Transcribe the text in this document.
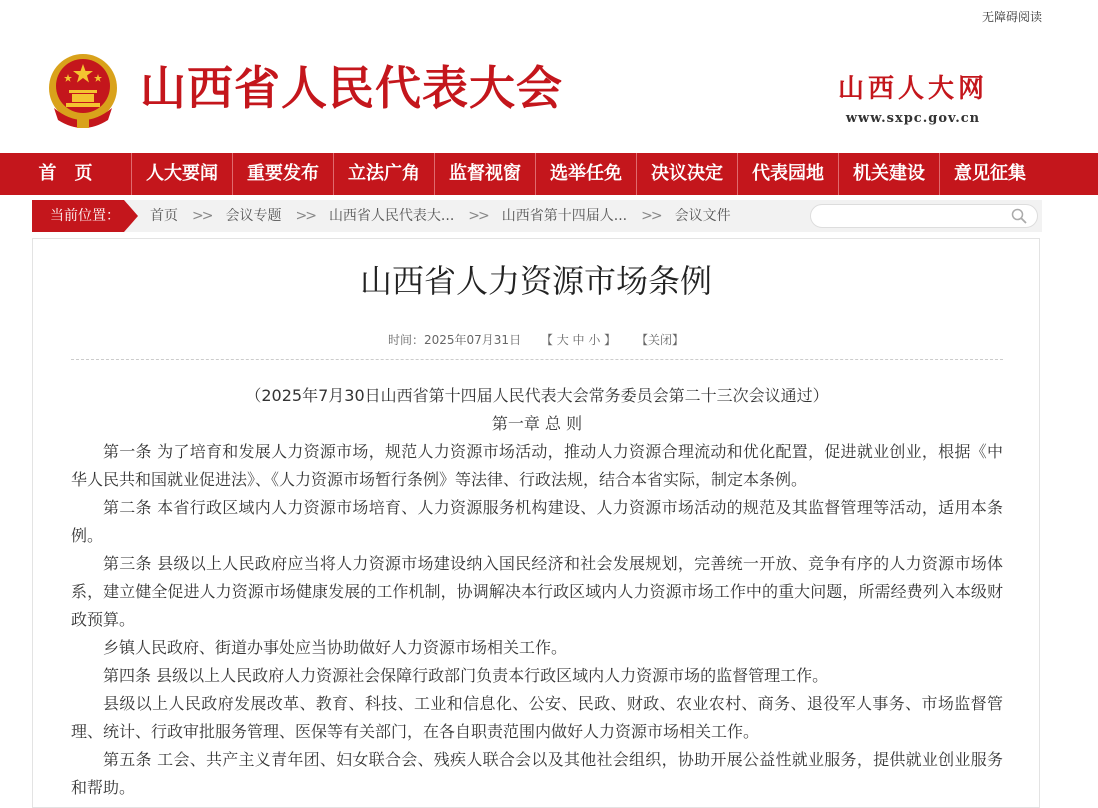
无障碍阅读
山西省人民代表大会	山西人大网
www.sxpc.gov.cn
首　页	人大要闻	重要发布	立法广角	监督视窗	选举任免	决议决定	代表园地	机关建设	意见征集
当前位置： 首页 >> 会议专题 >> 山西省人民代表大... >> 山西省第十四届人... >> 会议文件
山西省人力资源市场条例
时间：2025年07月31日 【 大 中 小 】 【关闭】

（2025年7月30日山西省第十四届人民代表大会常务委员会第二十三次会议通过）

第一章 总 则

第一条 为了培育和发展人力资源市场，规范人力资源市场活动，推动人力资源合理流动和优化配置，促进就业创业，根据《中华人民共和国就业促进法》、《人力资源市场暂行条例》等法律、行政法规，结合本省实际，制定本条例。

第二条 本省行政区域内人力资源市场培育、人力资源服务机构建设、人力资源市场活动的规范及其监督管理等活动，适用本条例。

第三条 县级以上人民政府应当将人力资源市场建设纳入国民经济和社会发展规划，完善统一开放、竞争有序的人力资源市场体系，建立健全促进人力资源市场健康发展的工作机制，协调解决本行政区域内人力资源市场工作中的重大问题，所需经费列入本级财政预算。

乡镇人民政府、街道办事处应当协助做好人力资源市场相关工作。

第四条 县级以上人民政府人力资源社会保障行政部门负责本行政区域内人力资源市场的监督管理工作。

县级以上人民政府发展改革、教育、科技、工业和信息化、公安、民政、财政、农业农村、商务、退役军人事务、市场监督管理、统计、行政审批服务管理、医保等有关部门，在各自职责范围内做好人力资源市场相关工作。

第五条 工会、共产主义青年团、妇女联合会、残疾人联合会以及其他社会组织，协助开展公益性就业服务，提供就业创业服务和帮助。
